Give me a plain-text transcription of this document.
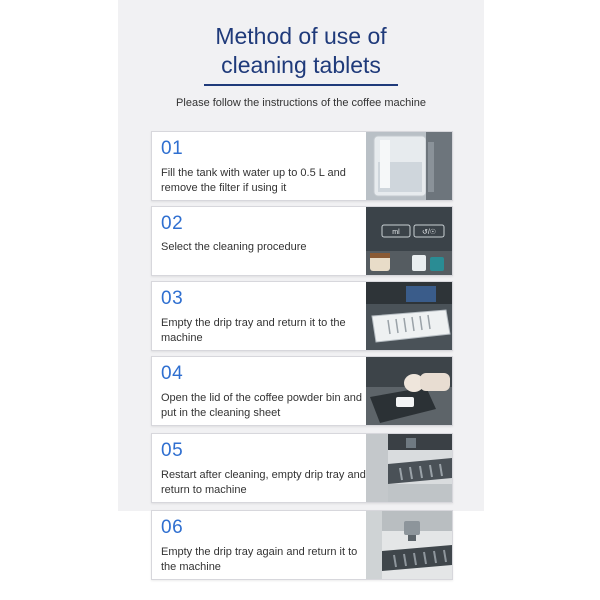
Method of use of
cleaning tablets
Please follow the instructions of the coffee machine
01
Fill the tank with water up to 0.5 L and remove the filter if using it
02
Select the cleaning procedure
ml	↺/☉
03
Empty the drip tray and return it to the machine
04
Open the lid of the coffee powder bin and put in the cleaning sheet
05
Restart after cleaning, empty drip tray and return to machine
06
Empty the drip tray again and return it to the machine
